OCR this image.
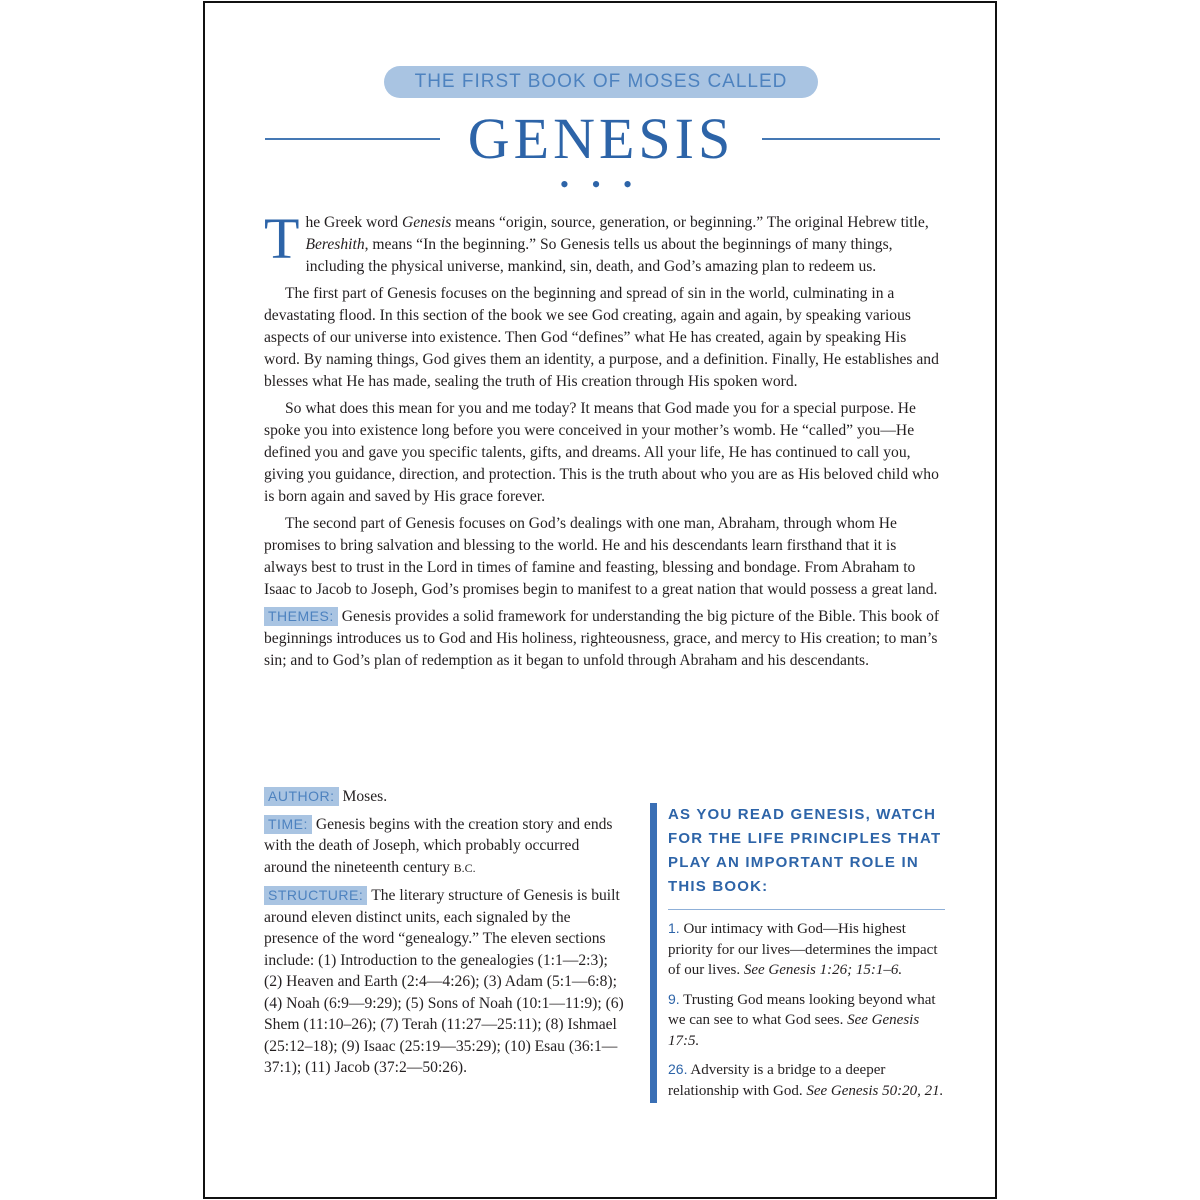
THE FIRST BOOK OF MOSES CALLED
GENESIS
• • •

The Greek word Genesis means “origin, source, generation, or beginning.” The original Hebrew title, Bereshith, means “In the beginning.” So Genesis tells us about the beginnings of many things, including the physical universe, mankind, sin, death, and God’s amazing plan to redeem us.

The first part of Genesis focuses on the beginning and spread of sin in the world, culminating in a devastating flood. In this section of the book we see God creating, again and again, by speaking various aspects of our universe into existence. Then God “defines” what He has created, again by speaking His word. By naming things, God gives them an identity, a purpose, and a definition. Finally, He establishes and blesses what He has made, sealing the truth of His creation through His spoken word.

So what does this mean for you and me today? It means that God made you for a special purpose. He spoke you into existence long before you were conceived in your mother’s womb. He “called” you—He defined you and gave you specific talents, gifts, and dreams. All your life, He has continued to call you, giving you guidance, direction, and protection. This is the truth about who you are as His beloved child who is born again and saved by His grace forever.

The second part of Genesis focuses on God’s dealings with one man, Abraham, through whom He promises to bring salvation and blessing to the world. He and his descendants learn firsthand that it is always best to trust in the Lord in times of famine and feasting, blessing and bondage. From Abraham to Isaac to Jacob to Joseph, God’s promises begin to manifest to a great nation that would possess a great land.

THEMES: Genesis provides a solid framework for understanding the big picture of the Bible. This book of beginnings introduces us to God and His holiness, righteousness, grace, and mercy to His creation; to man’s sin; and to God’s plan of redemption as it began to unfold through Abraham and his descendants.

AUTHOR: Moses.

TIME: Genesis begins with the creation story and ends with the death of Joseph, which probably occurred around the nineteenth century B.C.

STRUCTURE: The literary structure of Genesis is built around eleven distinct units, each signaled by the presence of the word “genealogy.” The eleven sections include: (1) Introduction to the genealogies (1:1—2:3); (2) Heaven and Earth (2:4—4:26); (3) Adam (5:1—6:8); (4) Noah (6:9—9:29); (5) Sons of Noah (10:1—11:9); (6) Shem (11:10–26); (7) Terah (11:27—25:11); (8) Ishmael (25:12–18); (9) Isaac (25:19—35:29); (10) Esau (36:1—37:1); (11) Jacob (37:2—50:26).

AS YOU READ GENESIS, WATCH FOR THE LIFE PRINCIPLES THAT PLAY AN IMPORTANT ROLE IN THIS BOOK:

1. Our intimacy with God—His highest priority for our lives—determines the impact of our lives. See Genesis 1:26; 15:1–6.

9. Trusting God means looking beyond what we can see to what God sees. See Genesis 17:5.

26. Adversity is a bridge to a deeper relationship with God. See Genesis 50:20, 21.
